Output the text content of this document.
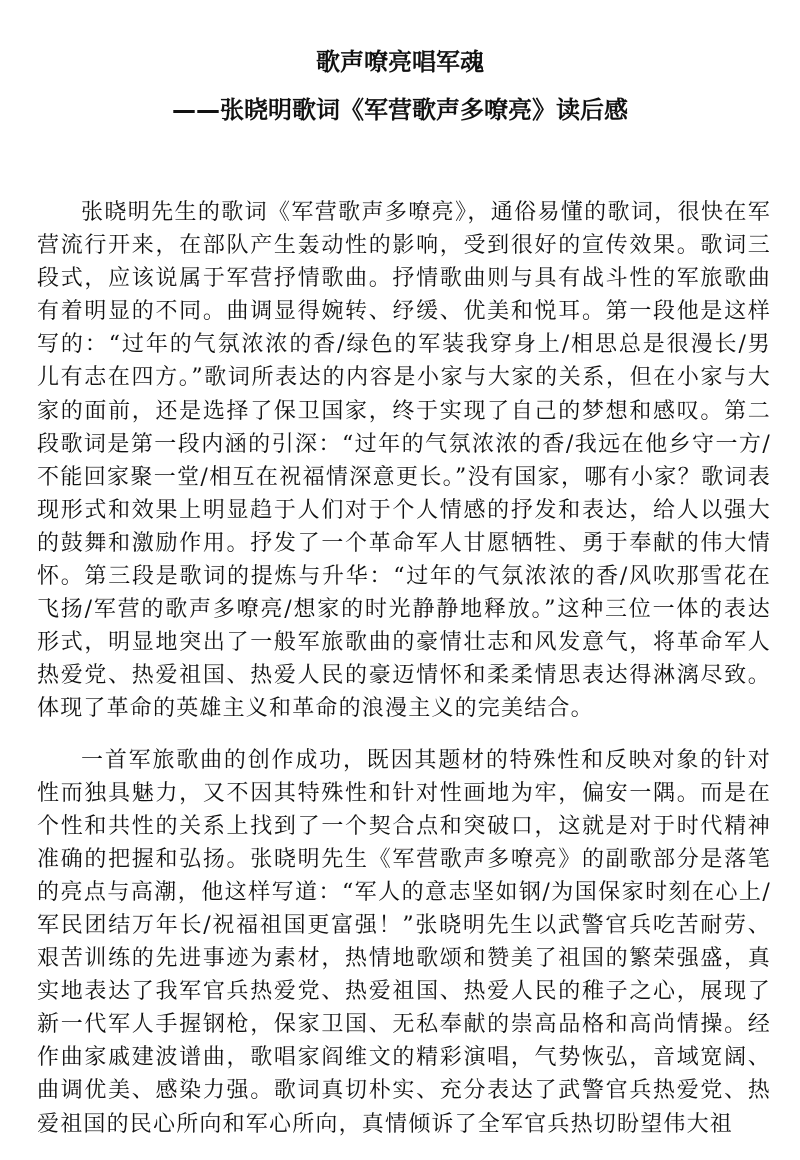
歌声嘹亮唱军魂
——张晓明歌词《军营歌声多嘹亮》读后感

张晓明先生的歌词《军营歌声多嘹亮》，通俗易懂的歌词，很快在军营流行开来，在部队产生轰动性的影响，受到很好的宣传效果。歌词三段式，应该说属于军营抒情歌曲。抒情歌曲则与具有战斗性的军旅歌曲有着明显的不同。曲调显得婉转、纾缓、优美和悦耳。第一段他是这样写的：“过年的气氛浓浓的香/绿色的军装我穿身上/相思总是很漫长/男儿有志在四方。”歌词所表达的内容是小家与大家的关系，但在小家与大家的面前，还是选择了保卫国家，终于实现了自己的梦想和感叹。第二段歌词是第一段内涵的引深：“过年的气氛浓浓的香/我远在他乡守一方/不能回家聚一堂/相互在祝福情深意更长。”没有国家，哪有小家？歌词表现形式和效果上明显趋于人们对于个人情感的抒发和表达，给人以强大的鼓舞和激励作用。抒发了一个革命军人甘愿牺牲、勇于奉献的伟大情怀。第三段是歌词的提炼与升华：“过年的气氛浓浓的香/风吹那雪花在飞扬/军营的歌声多嘹亮/想家的时光静静地释放。”这种三位一体的表达形式，明显地突出了一般军旅歌曲的豪情壮志和风发意气，将革命军人热爱党、热爱祖国、热爱人民的豪迈情怀和柔柔情思表达得淋漓尽致。体现了革命的英雄主义和革命的浪漫主义的完美结合。

一首军旅歌曲的创作成功，既因其题材的特殊性和反映对象的针对性而独具魅力，又不因其特殊性和针对性画地为牢，偏安一隅。而是在个性和共性的关系上找到了一个契合点和突破口，这就是对于时代精神准确的把握和弘扬。张晓明先生《军营歌声多嘹亮》的副歌部分是落笔的亮点与高潮，他这样写道：“军人的意志坚如钢/为国保家时刻在心上/军民团结万年长/祝福祖国更富强！”张晓明先生以武警官兵吃苦耐劳、艰苦训练的先进事迹为素材，热情地歌颂和赞美了祖国的繁荣强盛，真实地表达了我军官兵热爱党、热爱祖国、热爱人民的稚子之心，展现了新一代军人手握钢枪，保家卫国、无私奉献的崇高品格和高尚情操。经作曲家戚建波谱曲，歌唱家阎维文的精彩演唱，气势恢弘，音域宽阔、曲调优美、感染力强。歌词真切朴实、充分表达了武警官兵热爱党、热爱祖国的民心所向和军心所向，真情倾诉了全军官兵热切盼望伟大祖
